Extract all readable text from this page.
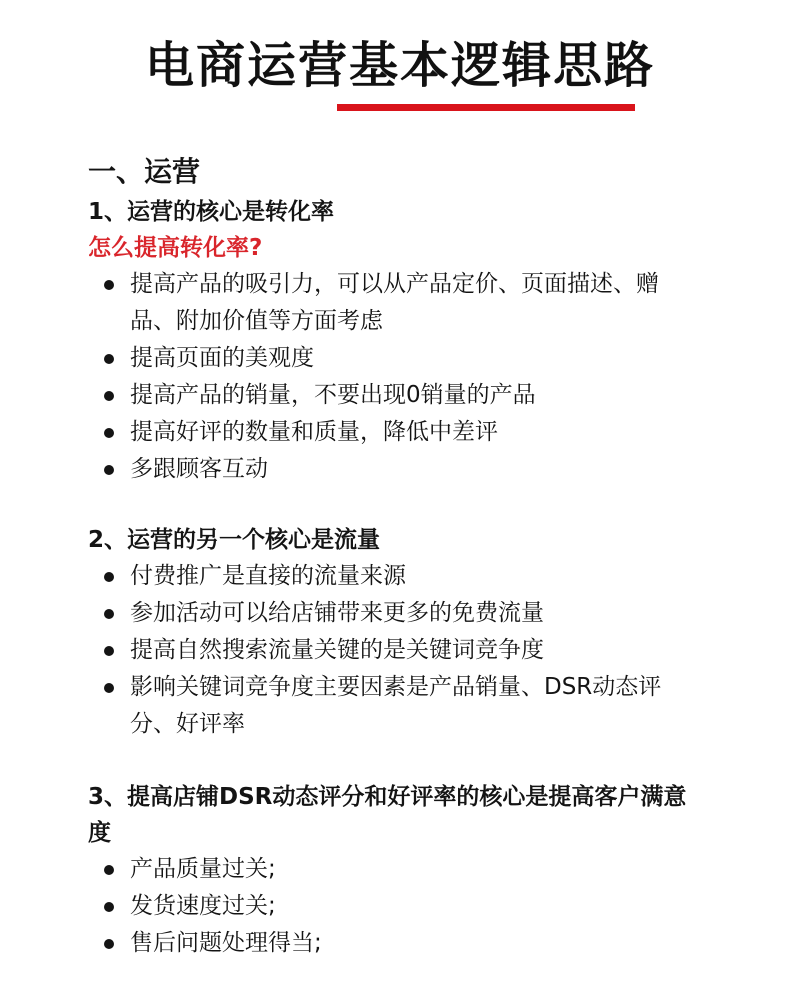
电商运营基本逻辑思路
一、运营
1、运营的核心是转化率
怎么提高转化率?
提高产品的吸引力，可以从产品定价、页面描述、赠品、附加价值等方面考虑
提高页面的美观度
提高产品的销量，不要出现0销量的产品
提高好评的数量和质量，降低中差评
多跟顾客互动
2、运营的另一个核心是流量
付费推广是直接的流量来源
参加活动可以给店铺带来更多的免费流量
提高自然搜索流量关键的是关键词竞争度
影响关键词竞争度主要因素是产品销量、DSR动态评分、好评率
3、提高店铺DSR动态评分和好评率的核心是提高客户满意度
产品质量过关;
发货速度过关;
售后问题处理得当;
